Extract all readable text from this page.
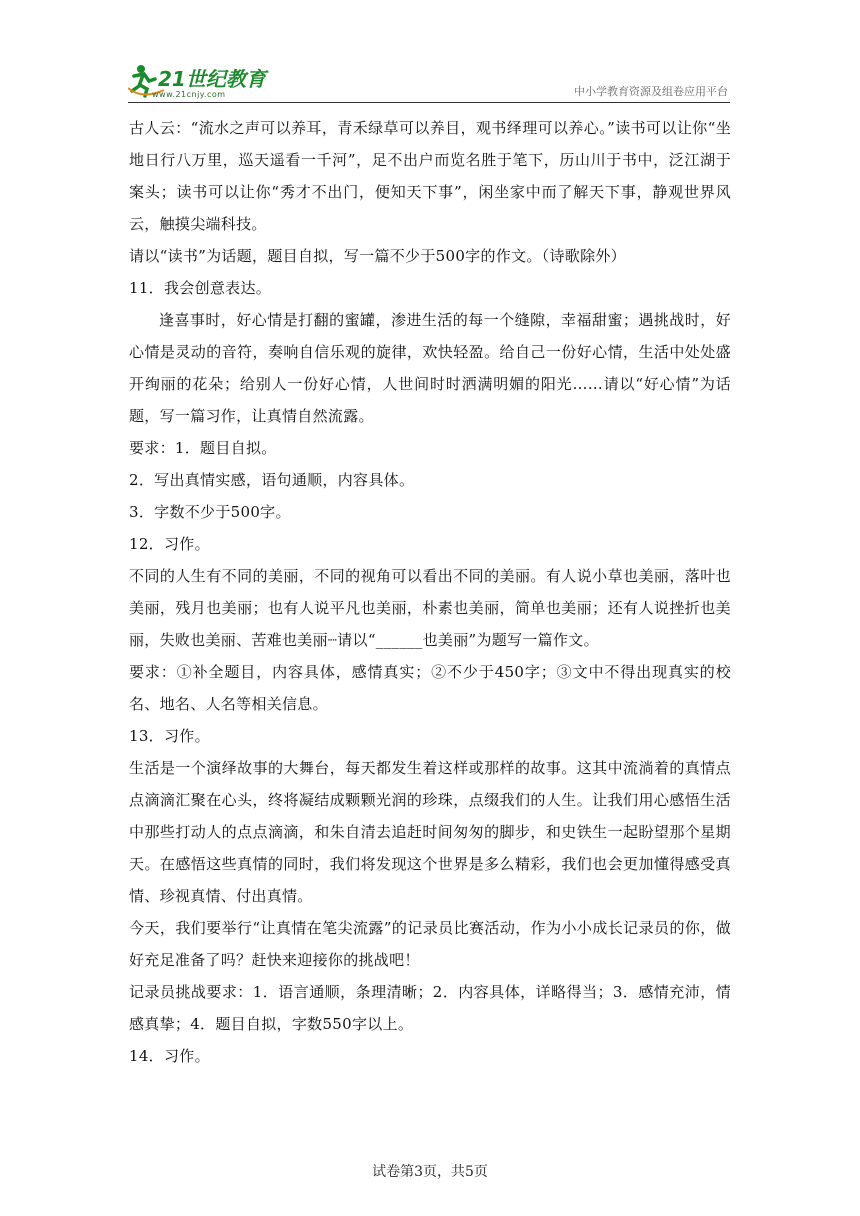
21世纪教育
www.21cnjy.com	中小学教育资源及组卷应用平台

古人云：“流水之声可以养耳，青禾绿草可以养目，观书绎理可以养心。”读书可以让你“坐地日行八万里，巡天遥看一千河”，足不出户而览名胜于笔下，历山川于书中，泛江湖于案头；读书可以让你“秀才不出门，便知天下事”，闲坐家中而了解天下事，静观世界风云，触摸尖端科技。

请以“读书”为话题，题目自拟，写一篇不少于500字的作文。（诗歌除外）

11．我会创意表达。

逢喜事时，好心情是打翻的蜜罐，渗进生活的每一个缝隙，幸福甜蜜；遇挑战时，好心情是灵动的音符，奏响自信乐观的旋律，欢快轻盈。给自己一份好心情，生活中处处盛开绚丽的花朵；给别人一份好心情，人世间时时洒满明媚的阳光……请以“好心情”为话题，写一篇习作，让真情自然流露。

要求：1．题目自拟。

2．写出真情实感，语句通顺，内容具体。

3．字数不少于500字。

12．习作。

不同的人生有不同的美丽，不同的视角可以看出不同的美丽。有人说小草也美丽，落叶也美丽，残月也美丽；也有人说平凡也美丽，朴素也美丽，简单也美丽；还有人说挫折也美丽，失败也美丽、苦难也美丽┈请以“______也美丽”为题写一篇作文。

要求：①补全题目，内容具体，感情真实；②不少于450字；③文中不得出现真实的校名、地名、人名等相关信息。

13．习作。

生活是一个演绎故事的大舞台，每天都发生着这样或那样的故事。这其中流淌着的真情点点滴滴汇聚在心头，终将凝结成颗颗光润的珍珠，点缀我们的人生。让我们用心感悟生活中那些打动人的点点滴滴，和朱自清去追赶时间匆匆的脚步，和史铁生一起盼望那个星期天。在感悟这些真情的同时，我们将发现这个世界是多么精彩，我们也会更加懂得感受真情、珍视真情、付出真情。

今天，我们要举行“让真情在笔尖流露”的记录员比赛活动，作为小小成长记录员的你，做好充足准备了吗？赶快来迎接你的挑战吧！

记录员挑战要求：1．语言通顺，条理清晰；2．内容具体，详略得当；3．感情充沛，情感真挚；4．题目自拟，字数550字以上。

14．习作。

试卷第3页，共5页
